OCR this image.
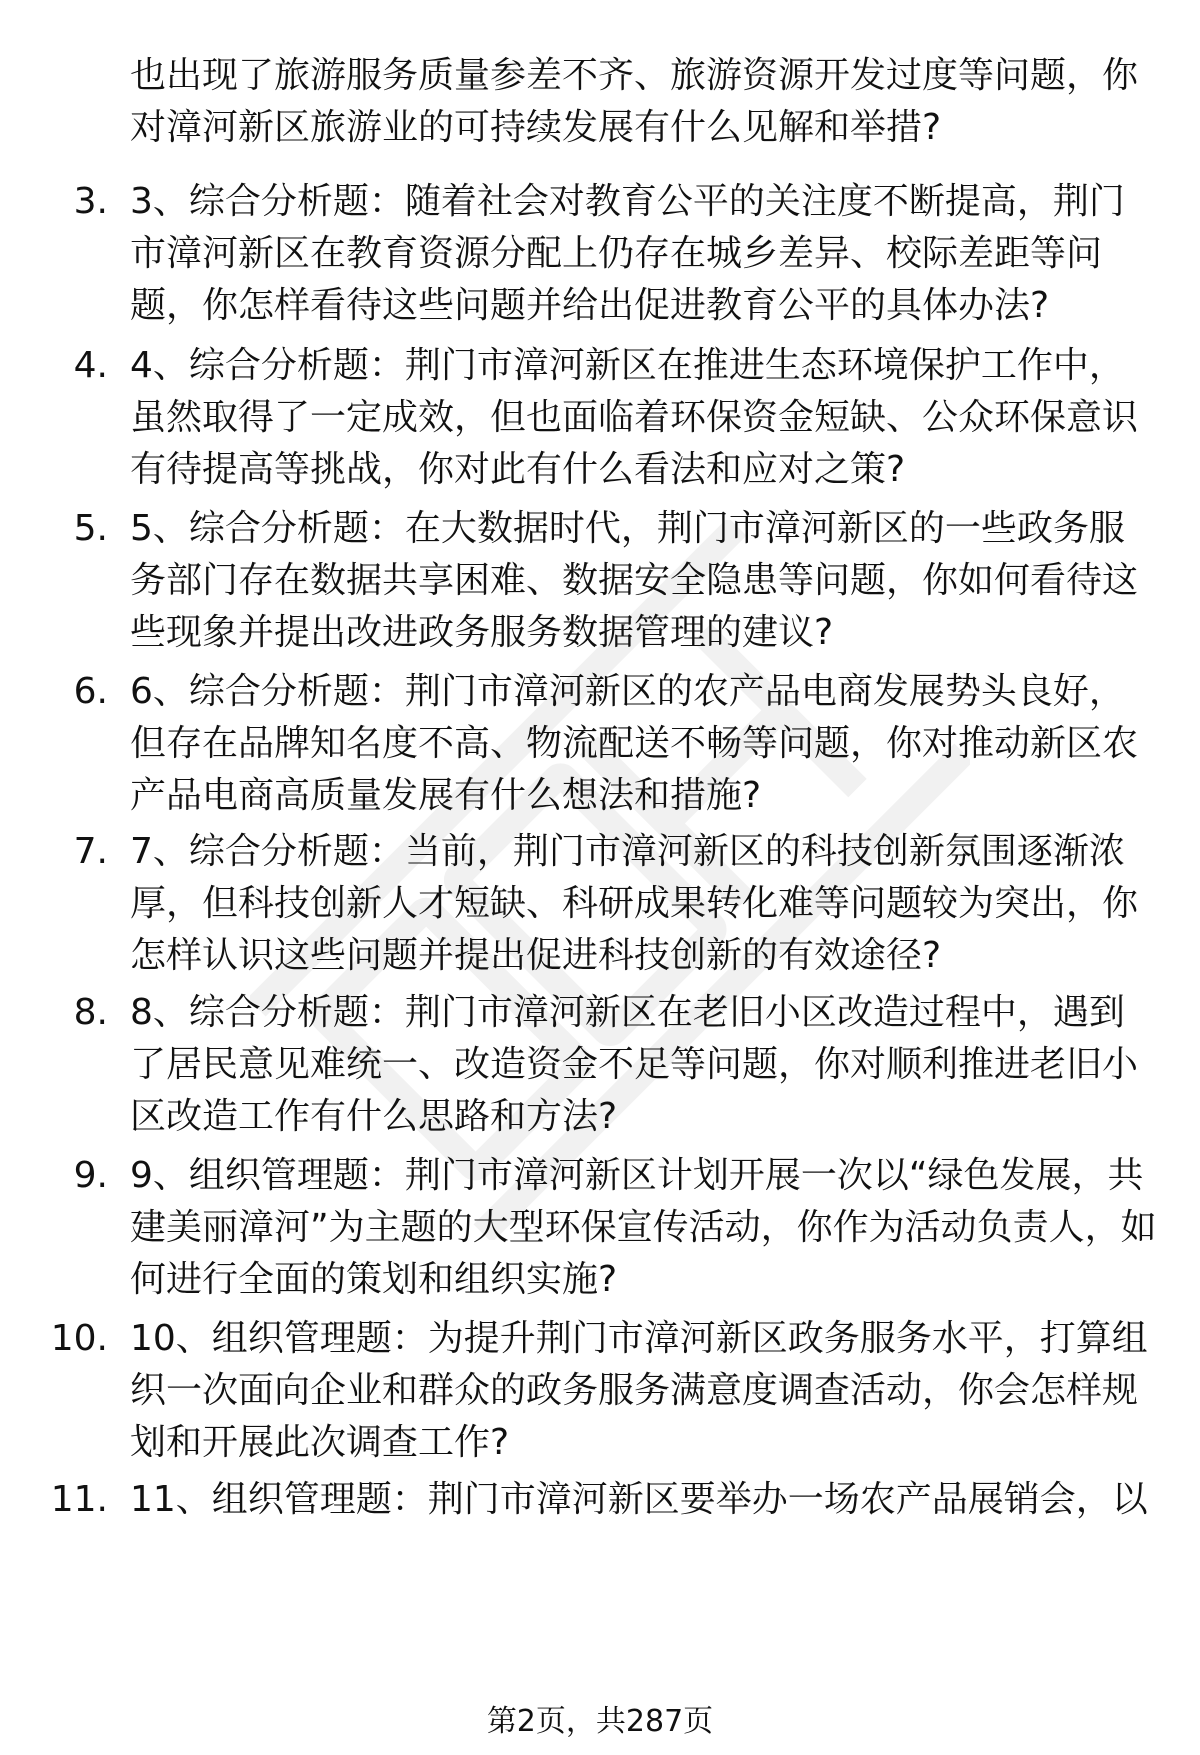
也出现了旅游服务质量参差不齐、旅游资源开发过度等问题，你对漳河新区旅游业的可持续发展有什么见解和举措?

3. 3、综合分析题：随着社会对教育公平的关注度不断提高，荆门市漳河新区在教育资源分配上仍存在城乡差异、校际差距等问题，你怎样看待这些问题并给出促进教育公平的具体办法?

4. 4、综合分析题：荆门市漳河新区在推进生态环境保护工作中，虽然取得了一定成效，但也面临着环保资金短缺、公众环保意识有待提高等挑战，你对此有什么看法和应对之策?

5. 5、综合分析题：在大数据时代，荆门市漳河新区的一些政务服务部门存在数据共享困难、数据安全隐患等问题，你如何看待这些现象并提出改进政务服务数据管理的建议?

6. 6、综合分析题：荆门市漳河新区的农产品电商发展势头良好，但存在品牌知名度不高、物流配送不畅等问题，你对推动新区农产品电商高质量发展有什么想法和措施?

7. 7、综合分析题：当前，荆门市漳河新区的科技创新氛围逐渐浓厚，但科技创新人才短缺、科研成果转化难等问题较为突出，你怎样认识这些问题并提出促进科技创新的有效途径?

8. 8、综合分析题：荆门市漳河新区在老旧小区改造过程中，遇到了居民意见难统一、改造资金不足等问题，你对顺利推进老旧小区改造工作有什么思路和方法?

9. 9、组织管理题：荆门市漳河新区计划开展一次以“绿色发展，共建美丽漳河”为主题的大型环保宣传活动，你作为活动负责人，如何进行全面的策划和组织实施?

10. 10、组织管理题：为提升荆门市漳河新区政务服务水平，打算组织一次面向企业和群众的政务服务满意度调查活动，你会怎样规划和开展此次调查工作?

11. 11、组织管理题：荆门市漳河新区要举办一场农产品展销会，以

第2页，共287页
